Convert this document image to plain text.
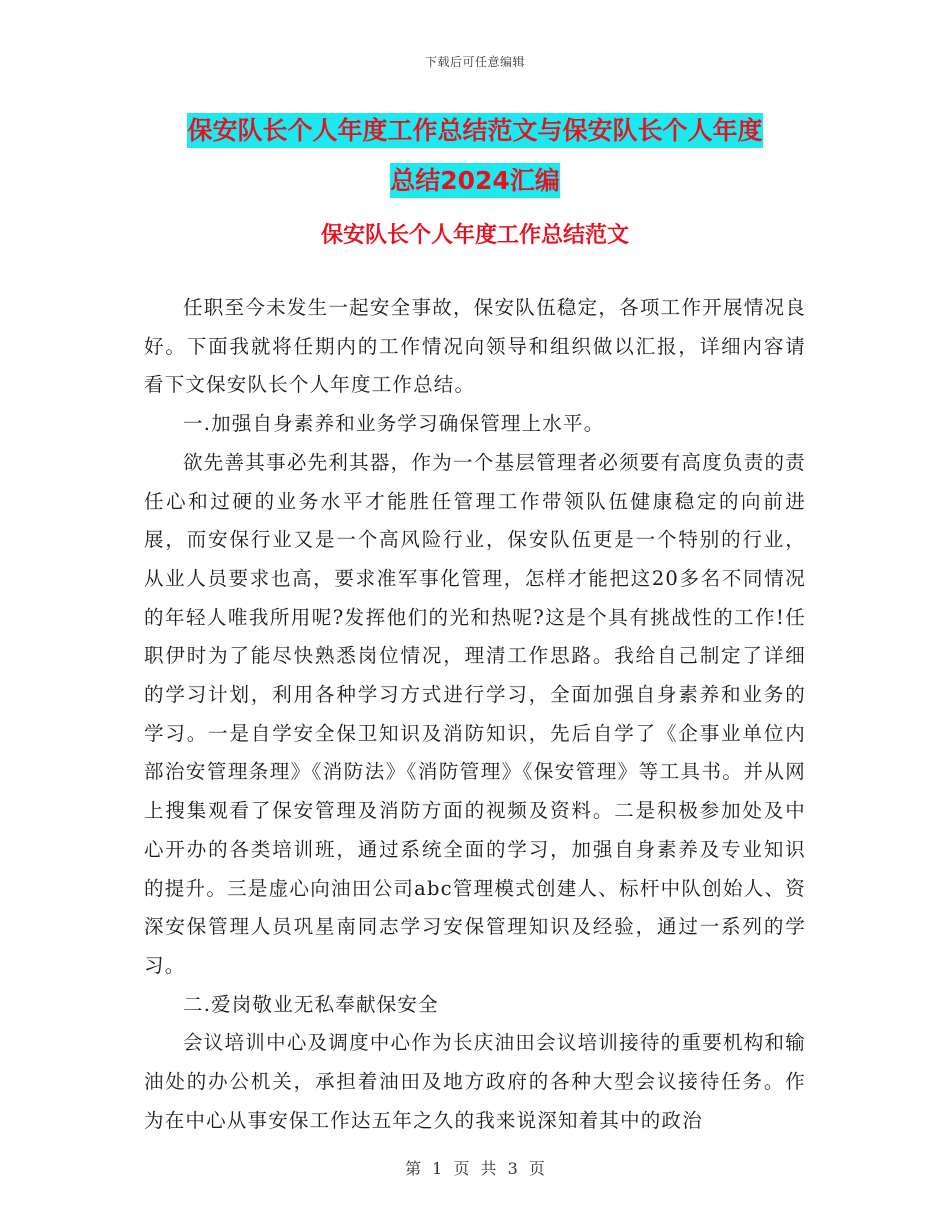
下载后可任意编辑
保安队长个人年度工作总结范文与保安队长个人年度
总结2024汇编
保安队长个人年度工作总结范文

任职至今未发生一起安全事故，保安队伍稳定，各项工作开展情况良好。下面我就将任期内的工作情况向领导和组织做以汇报，详细内容请看下文保安队长个人年度工作总结。

一.加强自身素养和业务学习确保管理上水平。

欲先善其事必先利其器，作为一个基层管理者必须要有高度负责的责任心和过硬的业务水平才能胜任管理工作带领队伍健康稳定的向前进展，而安保行业又是一个高风险行业，保安队伍更是一个特别的行业，从业人员要求也高，要求准军事化管理，怎样才能把这20多名不同情况的年轻人唯我所用呢?发挥他们的光和热呢?这是个具有挑战性的工作!任职伊时为了能尽快熟悉岗位情况，理清工作思路。我给自己制定了详细的学习计划，利用各种学习方式进行学习，全面加强自身素养和业务的学习。一是自学安全保卫知识及消防知识，先后自学了《企事业单位内部治安管理条理》《消防法》《消防管理》《保安管理》等工具书。并从网上搜集观看了保安管理及消防方面的视频及资料。二是积极参加处及中心开办的各类培训班，通过系统全面的学习，加强自身素养及专业知识的提升。三是虚心向油田公司abc管理模式创建人、标杆中队创始人、资深安保管理人员巩星南同志学习安保管理知识及经验，通过一系列的学习。

二.爱岗敬业无私奉献保安全

会议培训中心及调度中心作为长庆油田会议培训接待的重要机构和输油处的办公机关，承担着油田及地方政府的各种大型会议接待任务。作为在中心从事安保工作达五年之久的我来说深知着其中的政治

第 1 页 共 3 页
